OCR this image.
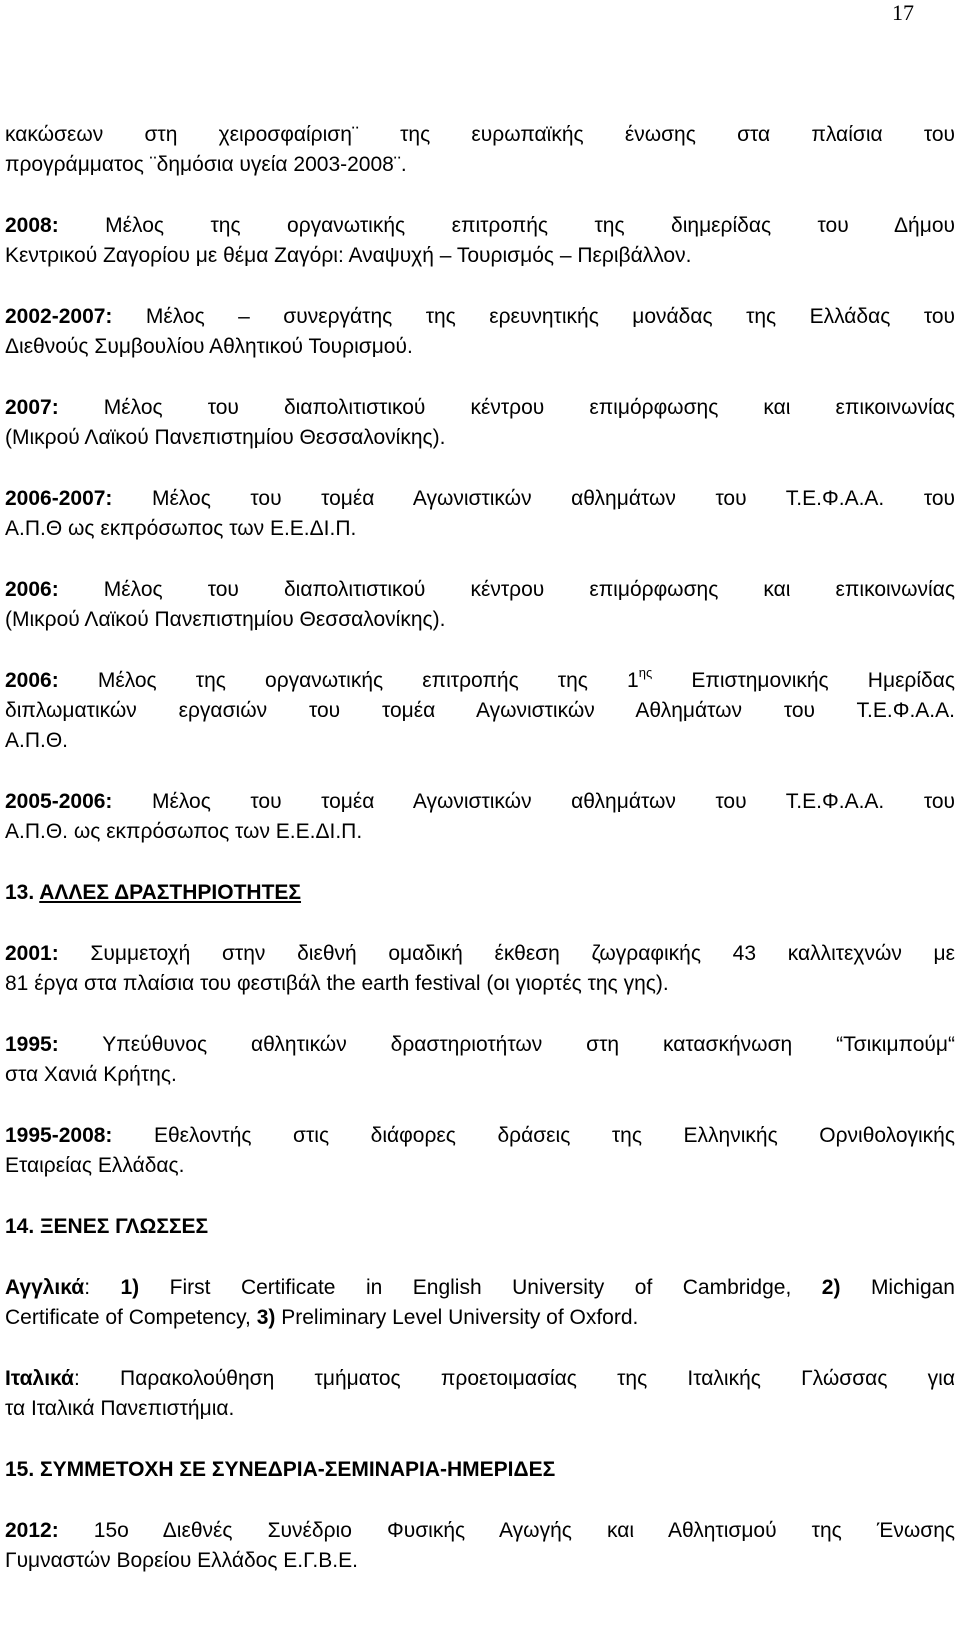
17
κακώσεων στη χειροσφαίριση¨ της ευρωπαϊκής ένωσης στα πλαίσια του
προγράμματος ¨δημόσια υγεία 2003-2008¨.
2008: Μέλος της οργανωτικής επιτροπής της διημερίδας του Δήμου
Κεντρικού Ζαγορίου με θέμα Ζαγόρι: Αναψυχή – Τουρισμός – Περιβάλλον.
2002-2007: Μέλος – συνεργάτης της ερευνητικής μονάδας της Ελλάδας του
Διεθνούς Συμβουλίου Αθλητικού Τουρισμού.
2007: Μέλος του διαπολιτιστικού κέντρου επιμόρφωσης και επικοινωνίας
(Μικρού Λαϊκού Πανεπιστημίου Θεσσαλονίκης).
2006-2007: Μέλος του τομέα Αγωνιστικών αθλημάτων του Τ.Ε.Φ.Α.Α. του
Α.Π.Θ ως εκπρόσωπος των Ε.Ε.ΔΙ.Π.
2006: Μέλος του διαπολιτιστικού κέντρου επιμόρφωσης και επικοινωνίας
(Μικρού Λαϊκού Πανεπιστημίου Θεσσαλονίκης).
2006: Μέλος της οργανωτικής επιτροπής της $1^{\eta\varsigma}$ Επιστημονικής Ημερίδας
διπλωματικών εργασιών του τομέα Αγωνιστικών Αθλημάτων του Τ.Ε.Φ.Α.Α.
Α.Π.Θ.
2005-2006: Μέλος του τομέα Αγωνιστικών αθλημάτων του Τ.Ε.Φ.Α.Α. του
Α.Π.Θ. ως εκπρόσωπος των Ε.Ε.ΔΙ.Π.
13. ΑΛΛΕΣ ΔΡΑΣΤΗΡΙΟΤΗΤΕΣ
2001: Συμμετοχή στην διεθνή ομαδική έκθεση ζωγραφικής 43 καλλιτεχνών με
81 έργα στα πλαίσια του φεστιβάλ the earth festival (οι γιορτές της γης).
1995: Υπεύθυνος αθλητικών δραστηριοτήτων στη κατασκήνωση “Τσικιμπούμ“
στα Χανιά Κρήτης.
1995-2008: Εθελοντής στις διάφορες δράσεις της Ελληνικής Ορνιθολογικής
Εταιρείας Ελλάδας.
14. ΞΕΝΕΣ ΓΛΩΣΣΕΣ
Αγγλικά: 1) First Certificate in English University of Cambridge, 2) Michigan
Certificate of Competency, 3) Preliminary Level University of Oxford.
Ιταλικά: Παρακολούθηση τμήματος προετοιμασίας της Ιταλικής Γλώσσας για
τα Ιταλικά Πανεπιστήμια.
15. ΣΥΜΜΕΤΟΧΗ ΣΕ ΣΥΝΕΔΡΙΑ-ΣΕΜΙΝΑΡΙΑ-ΗΜΕΡΙΔΕΣ
2012: 15ο Διεθνές Συνέδριο Φυσικής Αγωγής και Αθλητισμού της Ένωσης
Γυμναστών Βορείου Ελλάδος Ε.Γ.Β.Ε.
